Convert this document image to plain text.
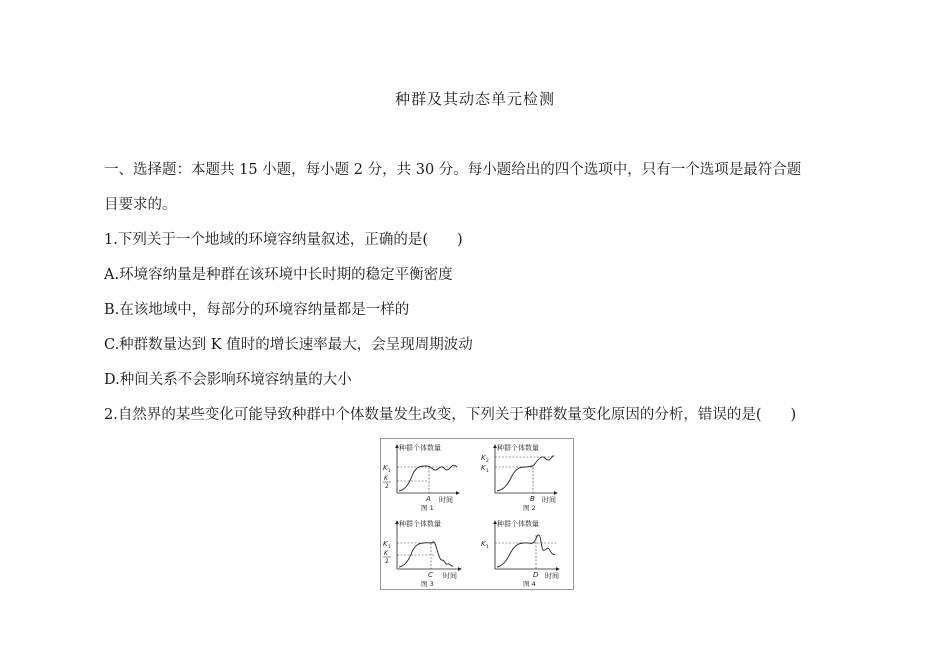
种群及其动态单元检测
一、选择题：本题共 15 小题，每小题 2 分，共 30 分。每小题给出的四个选项中，只有一个选项是最符合题
目要求的。
1.下列关于一个地域的环境容纳量叙述，正确的是(　　)
A.环境容纳量是种群在该环境中长时期的稳定平衡密度
B.在该地域中，每部分的环境容纳量都是一样的
C.种群数量达到 K 值时的增长速率最大，会呈现周期波动
D.种间关系不会影响环境容纳量的大小
2.自然界的某些变化可能导致种群中个体数量发生改变，下列关于种群数量变化原因的分析，错误的是(　　)
种群个体数量
K 1
K
2
A 时间
图 1
种群个体数量
K 2
K 1
B 时间
图 2
种群个体数量
K 1
K
2
C 时间
图 3
种群个体数量
K 1
D 时间
图 4
